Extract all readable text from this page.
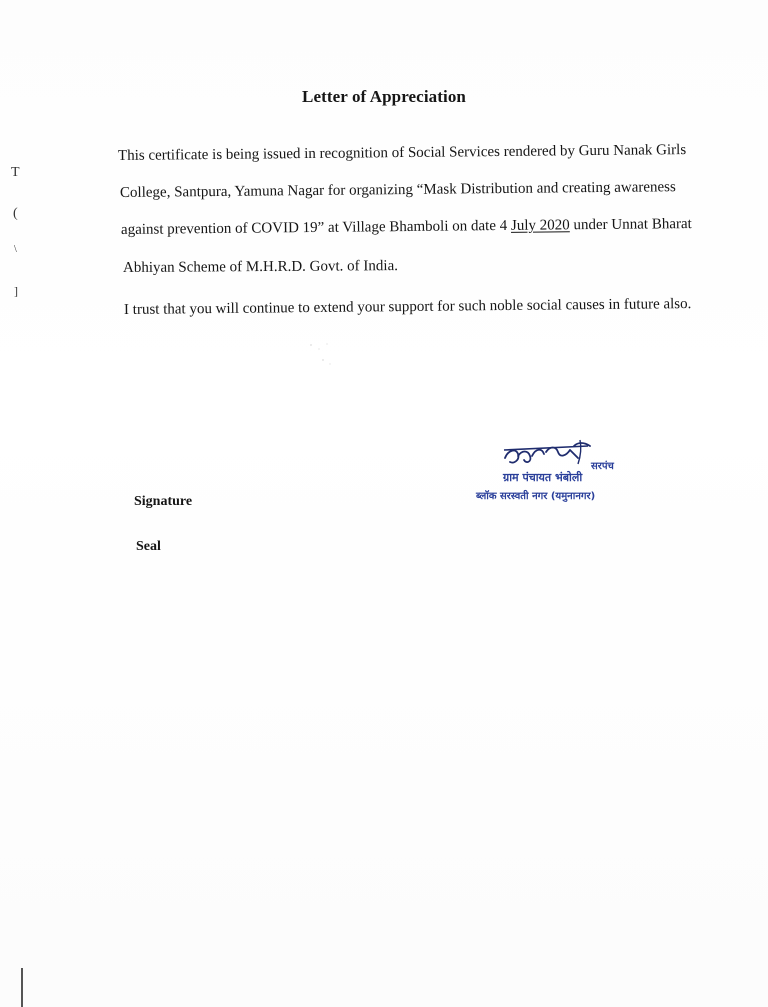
T
(
\
]
Letter of Appreciation
This certificate is being issued in recognition of Social Services rendered by Guru Nanak Girls
College, Santpura, Yamuna Nagar for organizing “Mask Distribution and creating awareness
against prevention of COVID 19” at Village Bhamboli on date 4 July 2020 under Unnat Bharat
Abhiyan Scheme of M.H.R.D. Govt. of India.
I trust that you will continue to extend your support for such noble social causes in future also.
सरपंच
ग्राम पंचायत भंबोली
ब्लॉक सरस्वती नगर (यमुनानगर)
Signature
Seal
